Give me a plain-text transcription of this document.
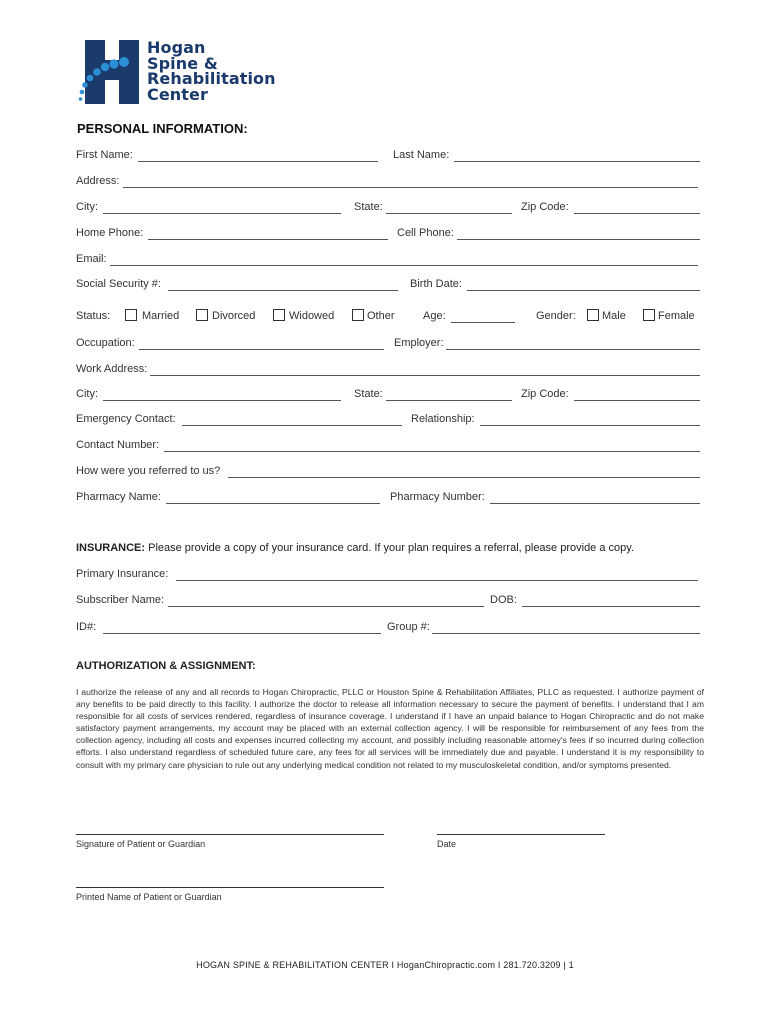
Hogan
Spine &
Rehabilitation
Center
PERSONAL INFORMATION:
First Name:	Last Name:
Address:
City:	State:	Zip Code:
Home Phone:	Cell Phone:
Email:
Social Security #:	Birth Date:
Status:	Married	Divorced	Widowed	Other	Age:	Gender: Male	Female
Occupation:	Employer:
Work Address:
City:	State:	Zip Code:
Emergency Contact:	Relationship:
Contact Number:
How were you referred to us?
Pharmacy Name:	Pharmacy Number:
INSURANCE: Please provide a copy of your insurance card. If your plan requires a referral, please provide a copy.
Primary Insurance:
Subscriber Name:	DOB:
ID#:	Group #:
AUTHORIZATION & ASSIGNMENT:
I authorize the release of any and all records to Hogan Chiropractic, PLLC or Houston Spine & Rehabilitation Affiliates, PLLC as requested. I authorize payment of any benefits to be paid directly to this facility. I authorize the doctor to release all information necessary to secure the payment of benefits. I understand that I am responsible for all costs of services rendered, regardless of insurance coverage. I understand if I have an unpaid balance to Hogan Chiropractic and do not make satisfactory payment arrangements, my account may be placed with an external collection agency. I will be responsible for reimbursement of any fees from the collection agency, including all costs and expenses incurred collecting my account, and possibly including reasonable attorney's fees if so incurred during collection efforts. I also understand regardless of scheduled future care, any fees for all services will be immediately due and payable. I understand it is my responsibility to consult with my primary care physician to rule out any underlying medical condition not related to my musculoskeletal condition, and/or symptoms presented.
Signature of Patient or Guardian	Date
Printed Name of Patient or Guardian
HOGAN SPINE & REHABILITATION CENTER I HoganChiropractic.com I 281.720.3209 | 1
